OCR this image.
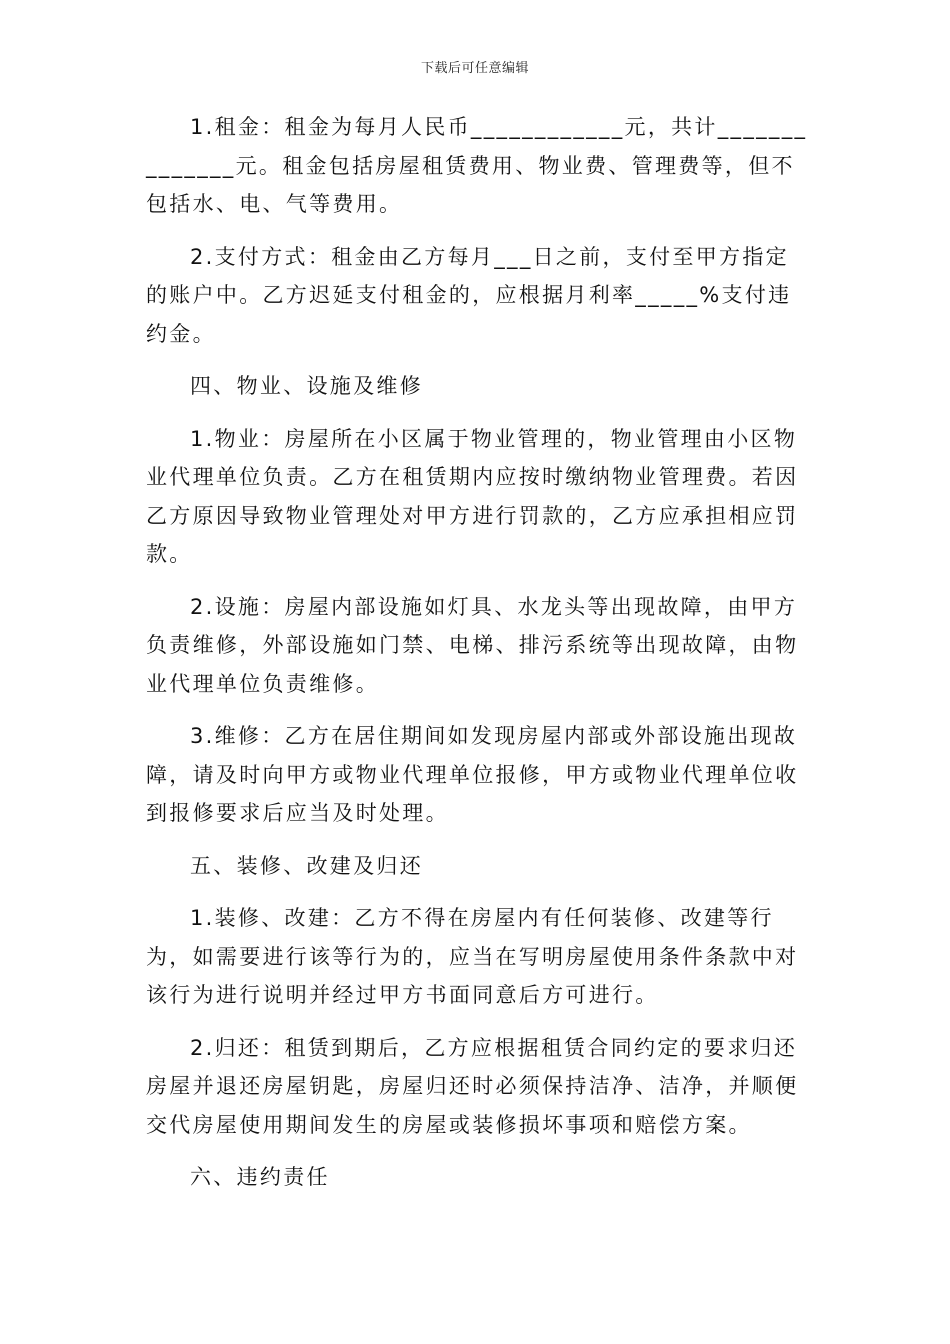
下载后可任意编辑

1.租金：租金为每月人民币____________元，共计______________元。租金包括房屋租赁费用、物业费、管理费等，但不包括水、电、气等费用。

2.支付方式：租金由乙方每月___日之前，支付至甲方指定的账户中。乙方迟延支付租金的，应根据月利率_____%支付违约金。

四、物业、设施及维修

1.物业：房屋所在小区属于物业管理的，物业管理由小区物业代理单位负责。乙方在租赁期内应按时缴纳物业管理费。若因乙方原因导致物业管理处对甲方进行罚款的，乙方应承担相应罚款。

2.设施：房屋内部设施如灯具、水龙头等出现故障，由甲方负责维修，外部设施如门禁、电梯、排污系统等出现故障，由物业代理单位负责维修。

3.维修：乙方在居住期间如发现房屋内部或外部设施出现故障，请及时向甲方或物业代理单位报修，甲方或物业代理单位收到报修要求后应当及时处理。

五、装修、改建及归还

1.装修、改建：乙方不得在房屋内有任何装修、改建等行为，如需要进行该等行为的，应当在写明房屋使用条件条款中对该行为进行说明并经过甲方书面同意后方可进行。

2.归还：租赁到期后，乙方应根据租赁合同约定的要求归还房屋并退还房屋钥匙，房屋归还时必须保持洁净、洁净，并顺便交代房屋使用期间发生的房屋或装修损坏事项和赔偿方案。

六、违约责任
